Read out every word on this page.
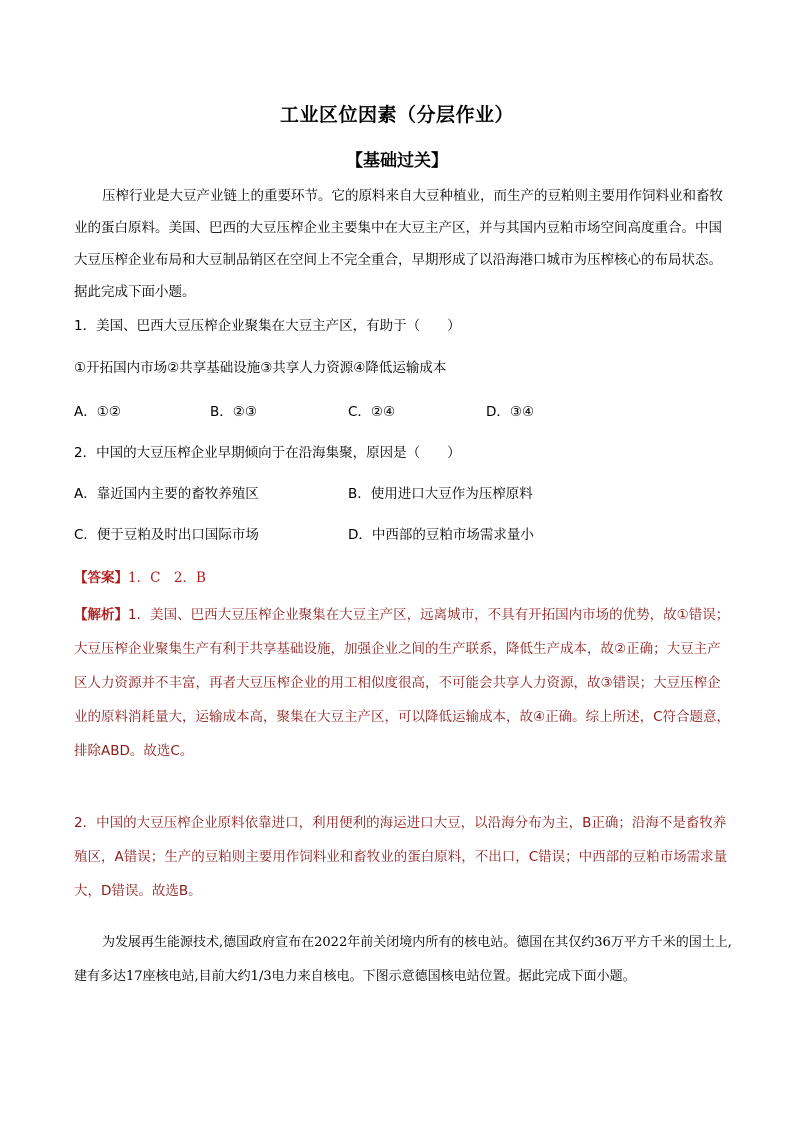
工业区位因素（分层作业）
【基础过关】

压榨行业是大豆产业链上的重要环节。它的原料来自大豆种植业，而生产的豆粕则主要用作饲料业和畜牧业的蛋白原料。美国、巴西的大豆压榨企业主要集中在大豆主产区，并与其国内豆粕市场空间高度重合。中国大豆压榨企业布局和大豆制品销区在空间上不完全重合，早期形成了以沿海港口城市为压榨核心的布局状态。据此完成下面小题。

1．美国、巴西大豆压榨企业聚集在大豆主产区，有助于（　　）
①开拓国内市场②共享基础设施③共享人力资源④降低运输成本
A．①②	B．②③	C．②④	D．③④
2．中国的大豆压榨企业早期倾向于在沿海集聚，原因是（　　）
A．靠近国内主要的畜牧养殖区	B．使用进口大豆作为压榨原料
C．便于豆粕及时出口国际市场	D．中西部的豆粕市场需求量小
【答案】1．C　2．B

【解析】1．美国、巴西大豆压榨企业聚集在大豆主产区，远离城市，不具有开拓国内市场的优势，故①错误；大豆压榨企业聚集生产有利于共享基础设施，加强企业之间的生产联系，降低生产成本，故②正确；大豆主产区人力资源并不丰富，再者大豆压榨企业的用工相似度很高，不可能会共享人力资源，故③错误；大豆压榨企业的原料消耗量大，运输成本高，聚集在大豆主产区，可以降低运输成本，故④正确。综上所述，C符合题意，排除ABD。故选C。

2．中国的大豆压榨企业原料依靠进口，利用便利的海运进口大豆，以沿海分布为主，B正确；沿海不是畜牧养殖区，A错误；生产的豆粕则主要用作饲料业和畜牧业的蛋白原料，不出口，C错误；中西部的豆粕市场需求量大，D错误。故选B。

为发展再生能源技术,德国政府宣布在2022年前关闭境内所有的核电站。德国在其仅约36万平方千米的国土上,建有多达17座核电站,目前大约1/3电力来自核电。下图示意德国核电站位置。据此完成下面小题。
